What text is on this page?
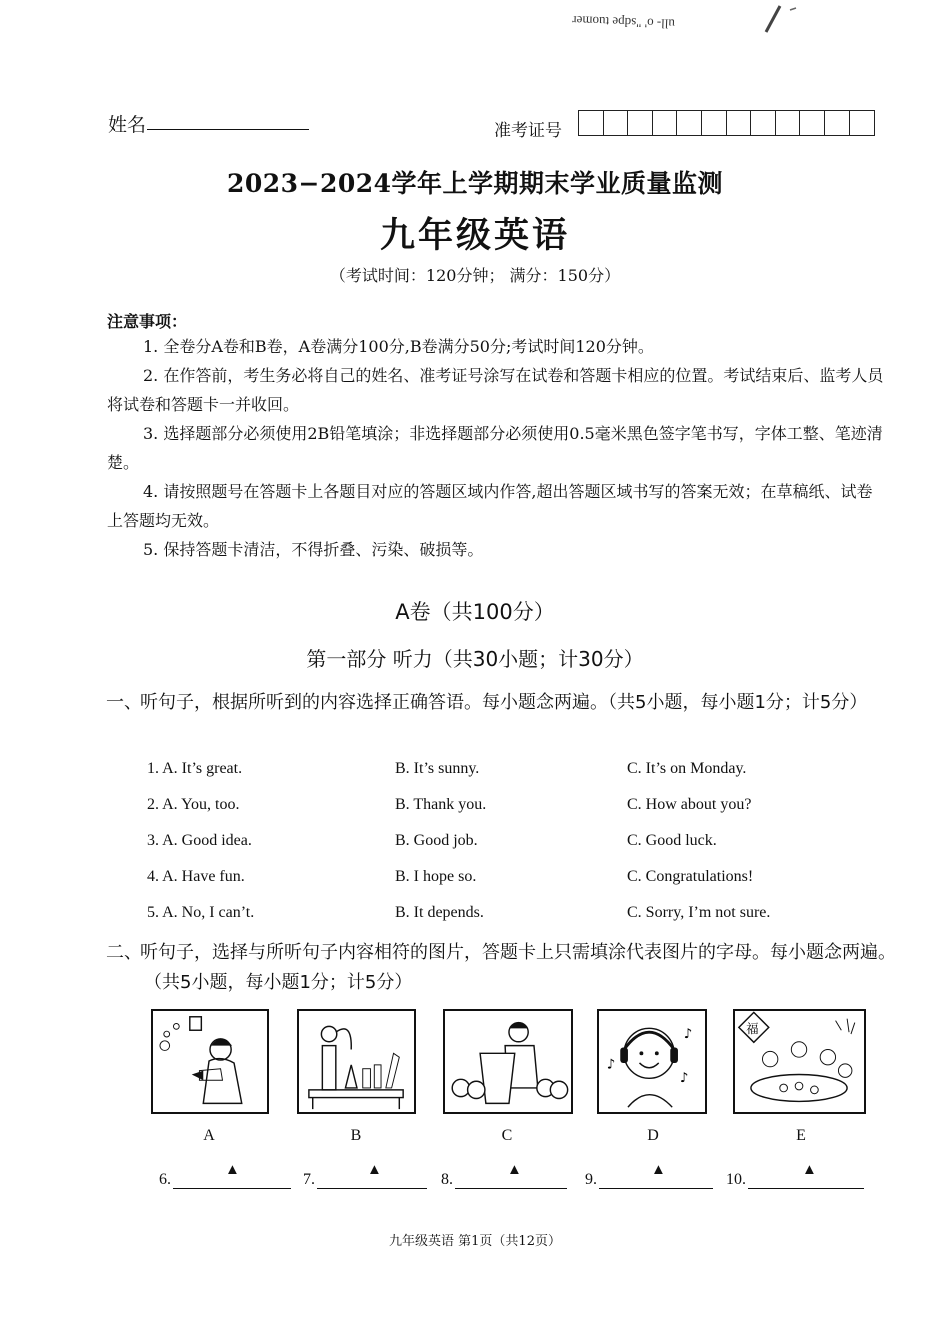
ull- o' "sdpe tuomer
姓名	准考证号
2023−2024学年上学期期末学业质量监测
九年级英语
（考试时间：120分钟； 满分：150分）
注意事项：
1. 全卷分A卷和B卷，A卷满分100分,B卷满分50分;考试时间120分钟。
2. 在作答前，考生务必将自己的姓名、准考证号涂写在试卷和答题卡相应的位置。考试结束后、监考人员将试卷和答题卡一并收回。
3. 选择题部分必须使用2B铅笔填涂；非选择题部分必须使用0.5毫米黑色签字笔书写，字体工整、笔迹清楚。
4. 请按照题号在答题卡上各题目对应的答题区域内作答,超出答题区域书写的答案无效；在草稿纸、试卷上答题均无效。
5. 保持答题卡清洁，不得折叠、污染、破损等。
A卷（共100分）
第一部分 听力（共30小题；计30分）
一、
听句子，根据所听到的内容选择正确答语。每小题念两遍。（共5小题，每小题1分；计5分）
1. A. It’s great.	B. It’s sunny.	C. It’s on Monday.
2. A. You, too.	B. Thank you.	C. How about you?
3. A. Good idea.	B. Good job.	C. Good luck.
4. A. Have fun.	B. I hope so.	C. Congratulations!
5. A. No, I can’t.	B. It depends.	C. Sorry, I’m not sure.
二、
听句子，选择与所听句子内容相符的图片，答题卡上只需填涂代表图片的字母。每小题念两遍。（共5小题，每小题1分；计5分）
♪
♪
♪
福
A	B	C	D	E
6.
▲
7.
▲
8.
▲
9.
▲
10.
▲
九年级英语 第1页（共12页）
